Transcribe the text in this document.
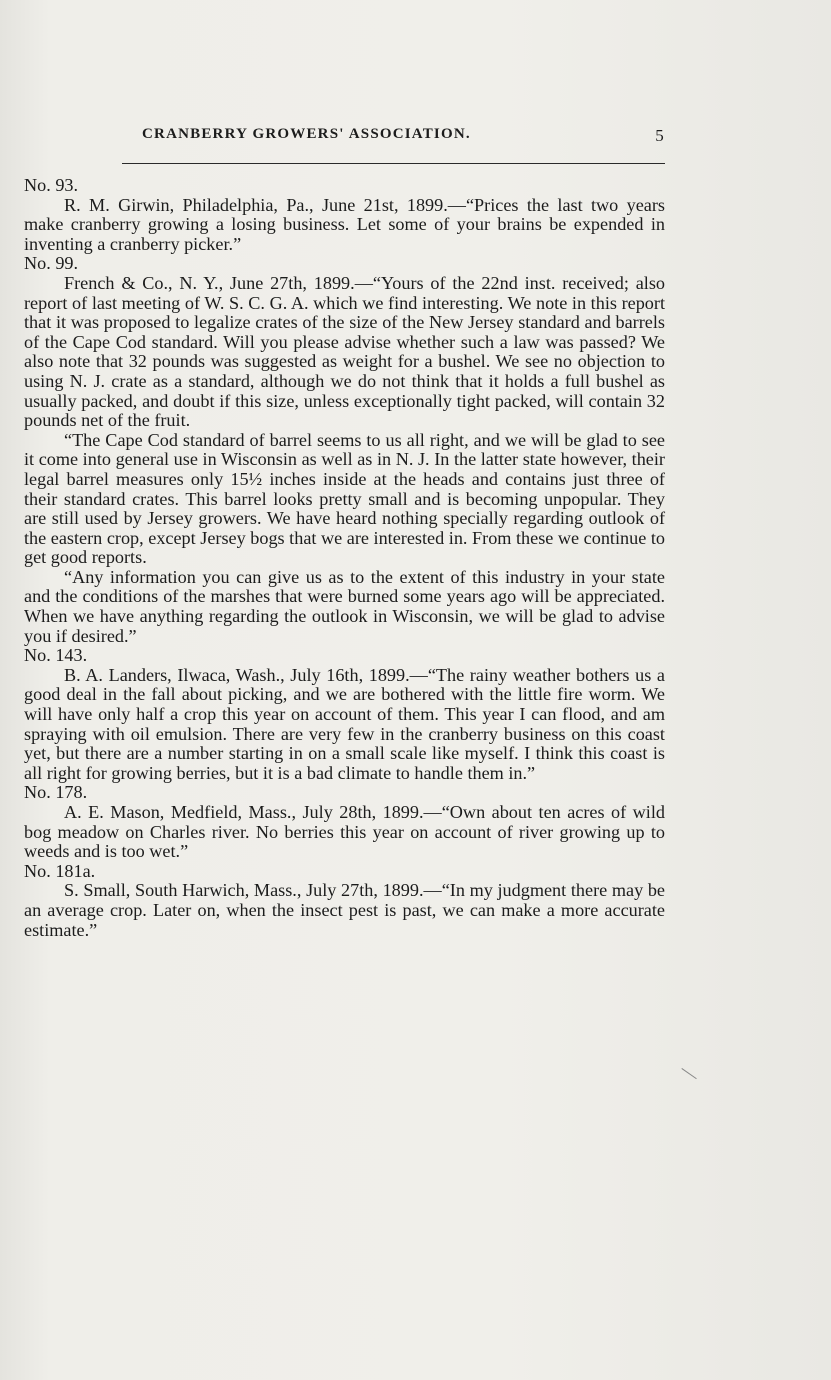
CRANBERRY GROWERS' ASSOCIATION.	5

No. 93.

R. M. Girwin, Philadelphia, Pa., June 21st, 1899.—“Prices the last two years make cranberry growing a losing business. Let some of your brains be expended in inventing a cranberry picker.”

No. 99.

French & Co., N. Y., June 27th, 1899.—“Yours of the 22nd inst. received; also report of last meeting of W. S. C. G. A. which we find interesting. We note in this report that it was proposed to legalize crates of the size of the New Jersey standard and barrels of the Cape Cod standard. Will you please advise whether such a law was passed? We also note that 32 pounds was suggested as weight for a bushel. We see no objection to using N. J. crate as a standard, although we do not think that it holds a full bushel as usually packed, and doubt if this size, unless exceptionally tight packed, will contain 32 pounds net of the fruit.

“The Cape Cod standard of barrel seems to us all right, and we will be glad to see it come into general use in Wisconsin as well as in N. J. In the latter state however, their legal barrel measures only 15½ inches inside at the heads and contains just three of their standard crates. This barrel looks pretty small and is becoming unpopular. They are still used by Jersey growers. We have heard nothing specially regarding outlook of the eastern crop, except Jersey bogs that we are interested in. From these we continue to get good reports.

“Any information you can give us as to the extent of this industry in your state and the conditions of the marshes that were burned some years ago will be appreciated. When we have anything regarding the outlook in Wisconsin, we will be glad to advise you if desired.”

No. 143.

B. A. Landers, Ilwaca, Wash., July 16th, 1899.—“The rainy weather bothers us a good deal in the fall about picking, and we are bothered with the little fire worm. We will have only half a crop this year on account of them. This year I can flood, and am spraying with oil emulsion. There are very few in the cranberry business on this coast yet, but there are a number starting in on a small scale like myself. I think this coast is all right for growing berries, but it is a bad climate to handle them in.”

No. 178.

A. E. Mason, Medfield, Mass., July 28th, 1899.—“Own about ten acres of wild bog meadow on Charles river. No berries this year on account of river growing up to weeds and is too wet.”

No. 181a.

S. Small, South Harwich, Mass., July 27th, 1899.—“In my judgment there may be an average crop. Later on, when the insect pest is past, we can make a more accurate estimate.”
